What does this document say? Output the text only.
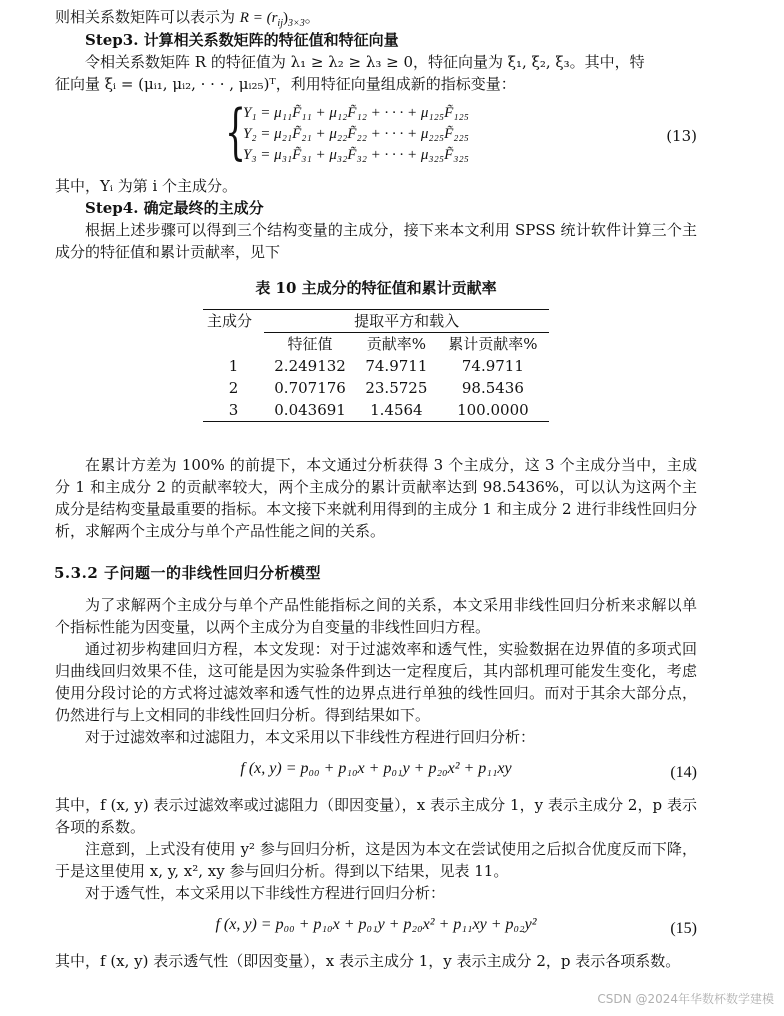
则相关系数矩阵可以表示为 $R = (r_{ij})_{3\times 3}$。

Step3. 计算相关系数矩阵的特征值和特征向量

令相关系数矩阵 R 的特征值为 λ₁ ≥ λ₂ ≥ λ₃ ≥ 0，特征向量为 ξ₁, ξ₂, ξ₃。其中，特

征向量 ξᵢ = (μᵢ₁, μᵢ₂, · · · , μᵢ₂₅)ᵀ，利用特征向量组成新的指标变量：

{
Y₁ = μ₁₁F̃₁₁ + μ₁₂F̃₁₂ + · · · + μ₁₂₅F̃₁₂₅
Y₂ = μ₂₁F̃₂₁ + μ₂₂F̃₂₂ + · · · + μ₂₂₅F̃₂₂₅
Y₃ = μ₃₁F̃₃₁ + μ₃₂F̃₃₂ + · · · + μ₃₂₅F̃₃₂₅
(13)

其中，Yᵢ 为第 i 个主成分。

Step4. 确定最终的主成分

根据上述步骤可以得到三个结构变量的主成分，接下来本文利用 SPSS 统计软件计算三个主成分的特征值和累计贡献率，见下

表 10 主成分的特征值和累计贡献率
主成分	提取平方和载入		
	特征值	贡献率%	累计贡献率%
1	2.249132	74.9711	74.9711
2	0.707176	23.5725	98.5436
3	0.043691	1.4564	100.0000

在累计方差为 100% 的前提下，本文通过分析获得 3 个主成分，这 3 个主成分当中，主成分 1 和主成分 2 的贡献率较大，两个主成分的累计贡献率达到 98.5436%，可以认为这两个主成分是结构变量最重要的指标。本文接下来就利用得到的主成分 1 和主成分 2 进行非线性回归分析，求解两个主成分与单个产品性能之间的关系。

5.3.2 子问题一的非线性回归分析模型

为了求解两个主成分与单个产品性能指标之间的关系，本文采用非线性回归分析来求解以单个指标性能为因变量，以两个主成分为自变量的非线性回归方程。

通过初步构建回归方程，本文发现：对于过滤效率和透气性，实验数据在边界值的多项式回归曲线回归效果不佳，这可能是因为实验条件到达一定程度后，其内部机理可能发生变化，考虑使用分段讨论的方式将过滤效率和透气性的边界点进行单独的线性回归。而对于其余大部分点，仍然进行与上文相同的非线性回归分析。得到结果如下。

对于过滤效率和过滤阻力，本文采用以下非线性方程进行回归分析：

f (x, y) = p₀₀ + p₁₀x + p₀₁y + p₂₀x² + p₁₁xy	(14)

其中，f (x, y) 表示过滤效率或过滤阻力（即因变量），x 表示主成分 1，y 表示主成分 2，p 表示各项的系数。

注意到，上式没有使用 y² 参与回归分析，这是因为本文在尝试使用之后拟合优度反而下降，于是这里使用 x, y, x², xy 参与回归分析。得到以下结果，见表 11。

对于透气性，本文采用以下非线性方程进行回归分析：

f (x, y) = p₀₀ + p₁₀x + p₀₁y + p₂₀x² + p₁₁xy + p₀₂y²	(15)

其中，f (x, y) 表示透气性（即因变量），x 表示主成分 1，y 表示主成分 2，p 表示各项系数。

CSDN @2024年华数杯数学建模
